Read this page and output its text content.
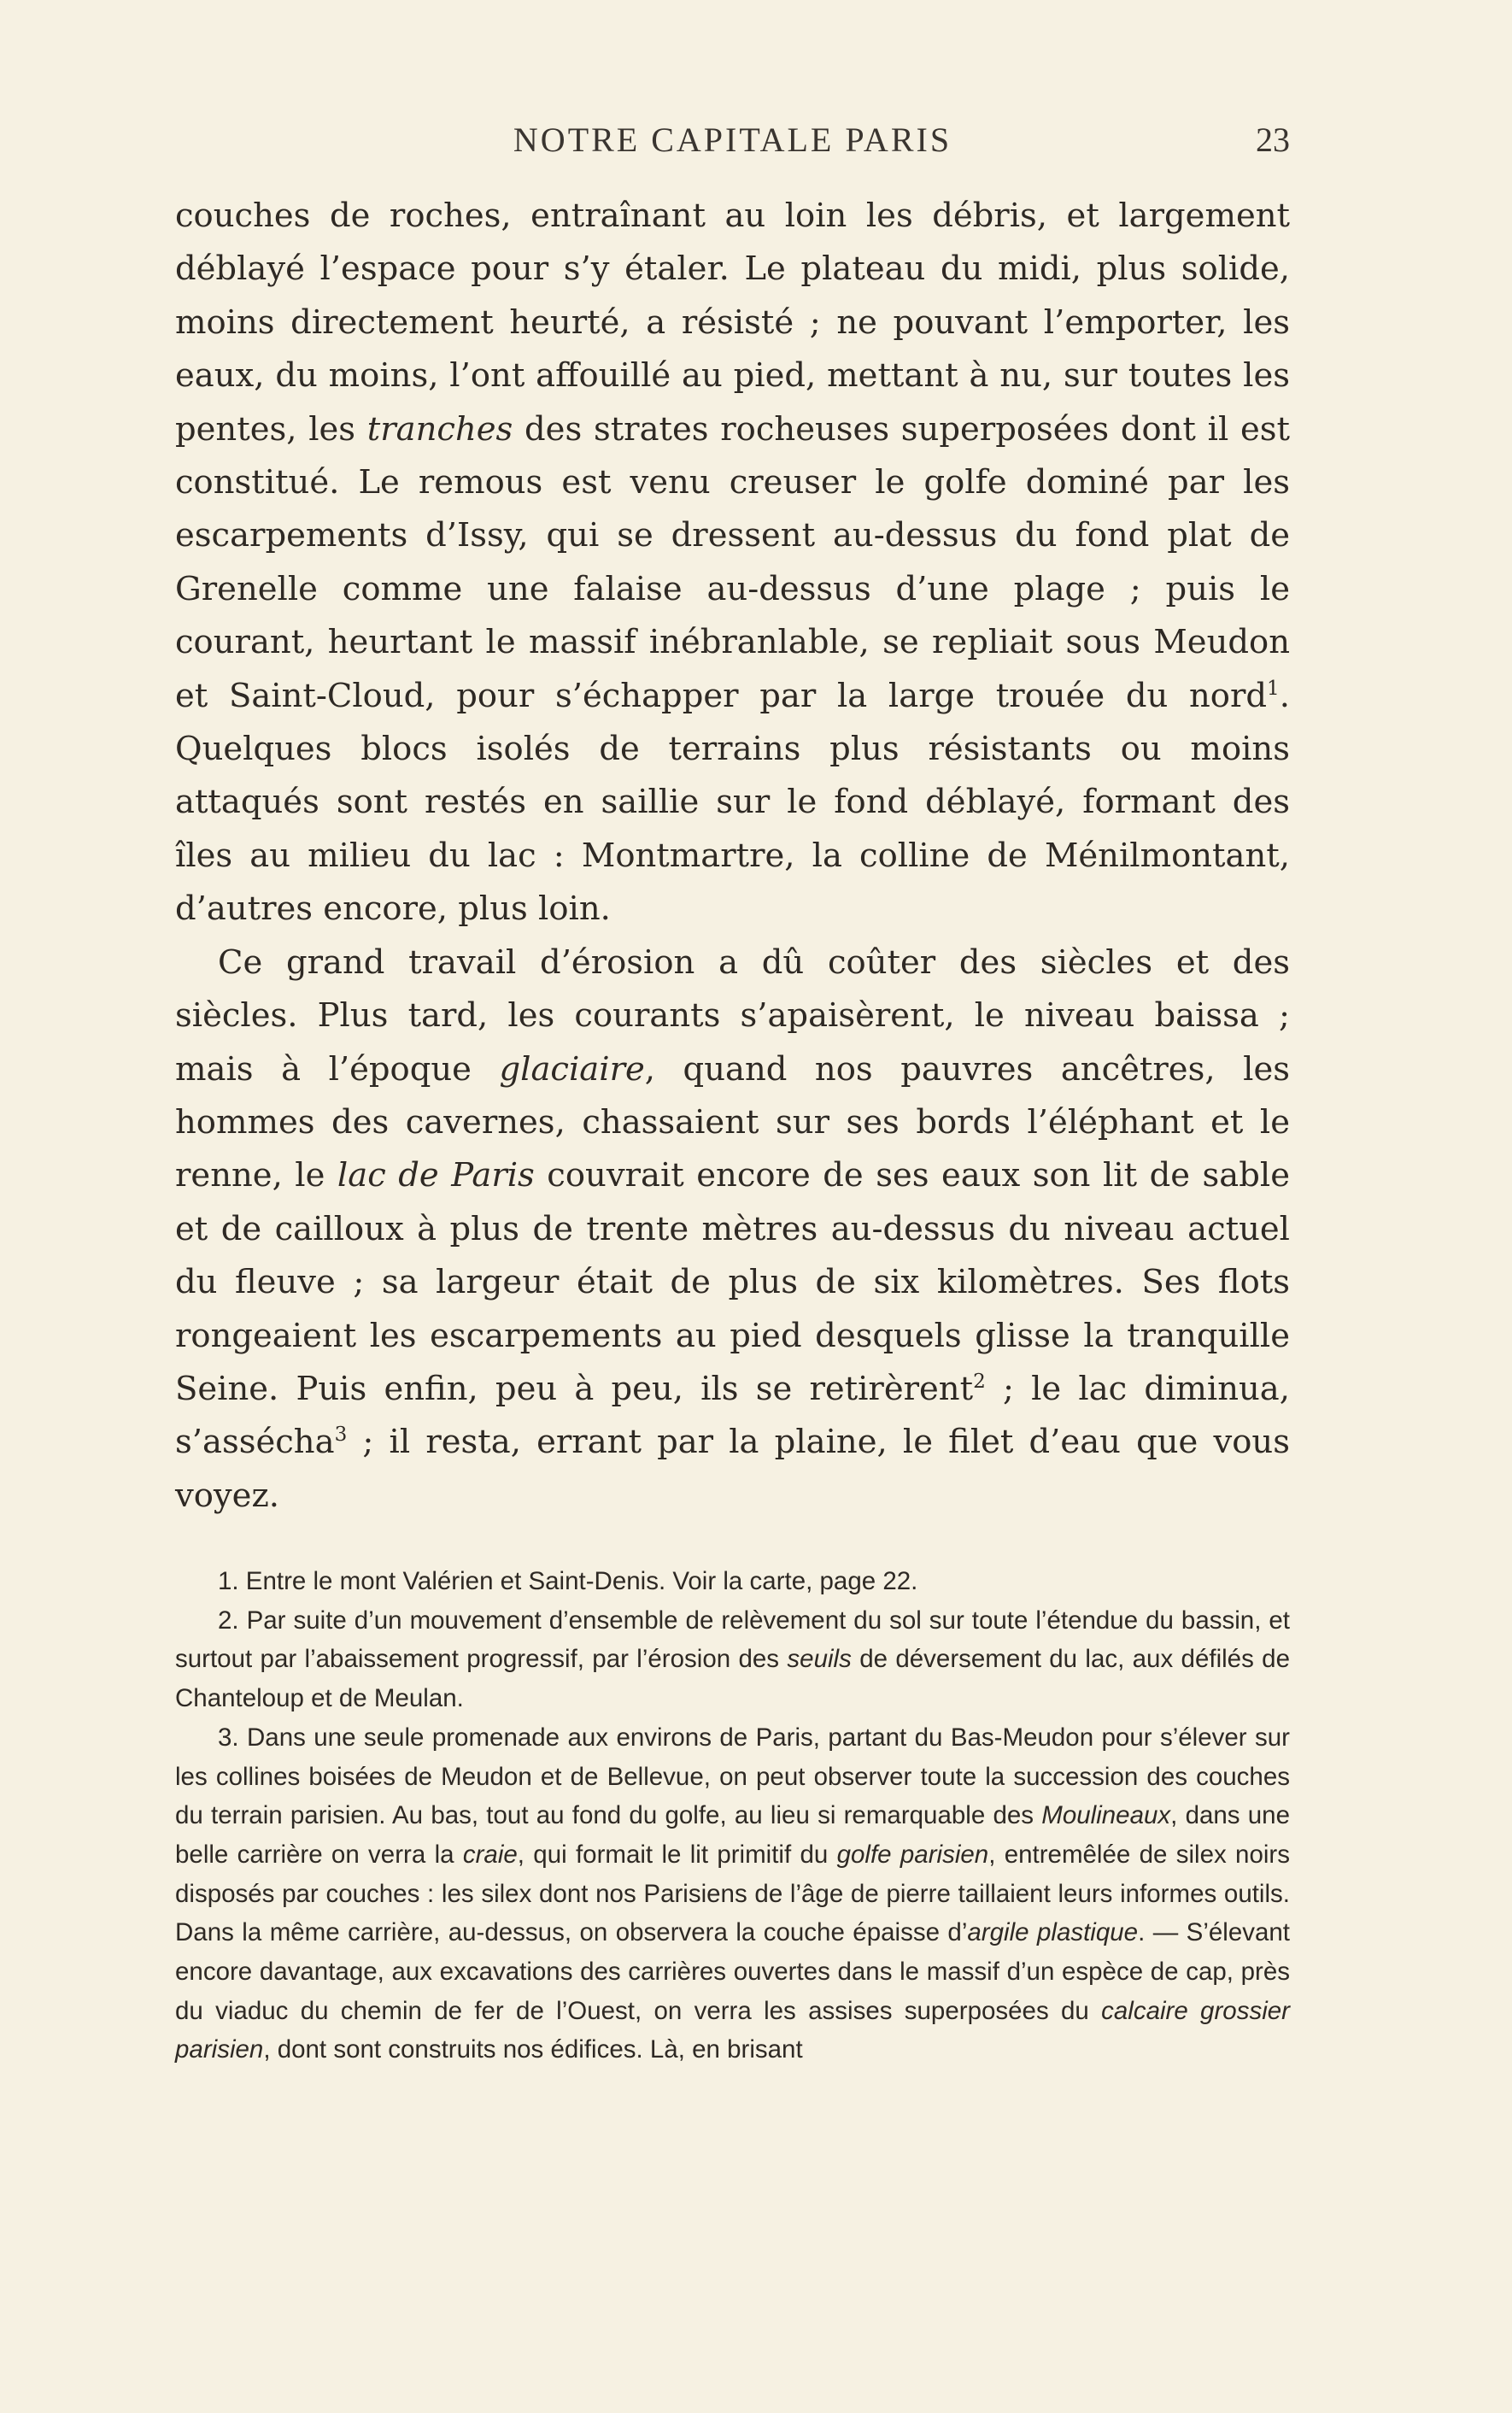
NOTRE CAPITALE PARIS	23

couches de roches, entraînant au loin les débris, et largement déblayé l’espace pour s’y étaler. Le plateau du midi, plus solide, moins directement heurté, a résisté ; ne pouvant l’emporter, les eaux, du moins, l’ont affouillé au pied, mettant à nu, sur toutes les pentes, les tranches des strates rocheuses superposées dont il est constitué. Le remous est venu creuser le golfe dominé par les escarpements d’Issy, qui se dressent au-dessus du fond plat de Grenelle comme une falaise au-dessus d’une plage ; puis le courant, heurtant le massif inébranlable, se repliait sous Meudon et Saint-Cloud, pour s’échapper par la large trouée du nord$^1$. Quelques blocs isolés de terrains plus résistants ou moins attaqués sont restés en saillie sur le fond déblayé, formant des îles au milieu du lac : Montmartre, la colline de Ménilmontant, d’autres encore, plus loin.

Ce grand travail d’érosion a dû coûter des siècles et des siècles. Plus tard, les courants s’apaisèrent, le niveau baissa ; mais à l’époque glaciaire, quand nos pauvres ancêtres, les hommes des cavernes, chassaient sur ses bords l’éléphant et le renne, le lac de Paris couvrait encore de ses eaux son lit de sable et de cailloux à plus de trente mètres au-dessus du niveau actuel du fleuve ; sa largeur était de plus de six kilomètres. Ses flots rongeaient les escarpements au pied desquels glisse la tranquille Seine. Puis enfin, peu à peu, ils se retirèrent$^2$ ; le lac diminua, s’assécha$^3$ ; il resta, errant par la plaine, le filet d’eau que vous voyez.

1. Entre le mont Valérien et Saint-Denis. Voir la carte, page 22.

2. Par suite d’un mouvement d’ensemble de relèvement du sol sur toute l’étendue du bassin, et surtout par l’abaissement progressif, par l’érosion des seuils de déversement du lac, aux défilés de Chanteloup et de Meulan.

3. Dans une seule promenade aux environs de Paris, partant du Bas-Meudon pour s’élever sur les collines boisées de Meudon et de Bellevue, on peut observer toute la succession des couches du terrain parisien. Au bas, tout au fond du golfe, au lieu si remarquable des Moulineaux, dans une belle carrière on verra la craie, qui formait le lit primitif du golfe parisien, entremêlée de silex noirs disposés par couches : les silex dont nos Parisiens de l’âge de pierre taillaient leurs informes outils. Dans la même carrière, au-dessus, on observera la couche épaisse d’argile plastique. — S’élevant encore davantage, aux excavations des carrières ouvertes dans le massif d’un espèce de cap, près du viaduc du chemin de fer de l’Ouest, on verra les assises superposées du calcaire grossier parisien, dont sont construits nos édifices. Là, en brisant
